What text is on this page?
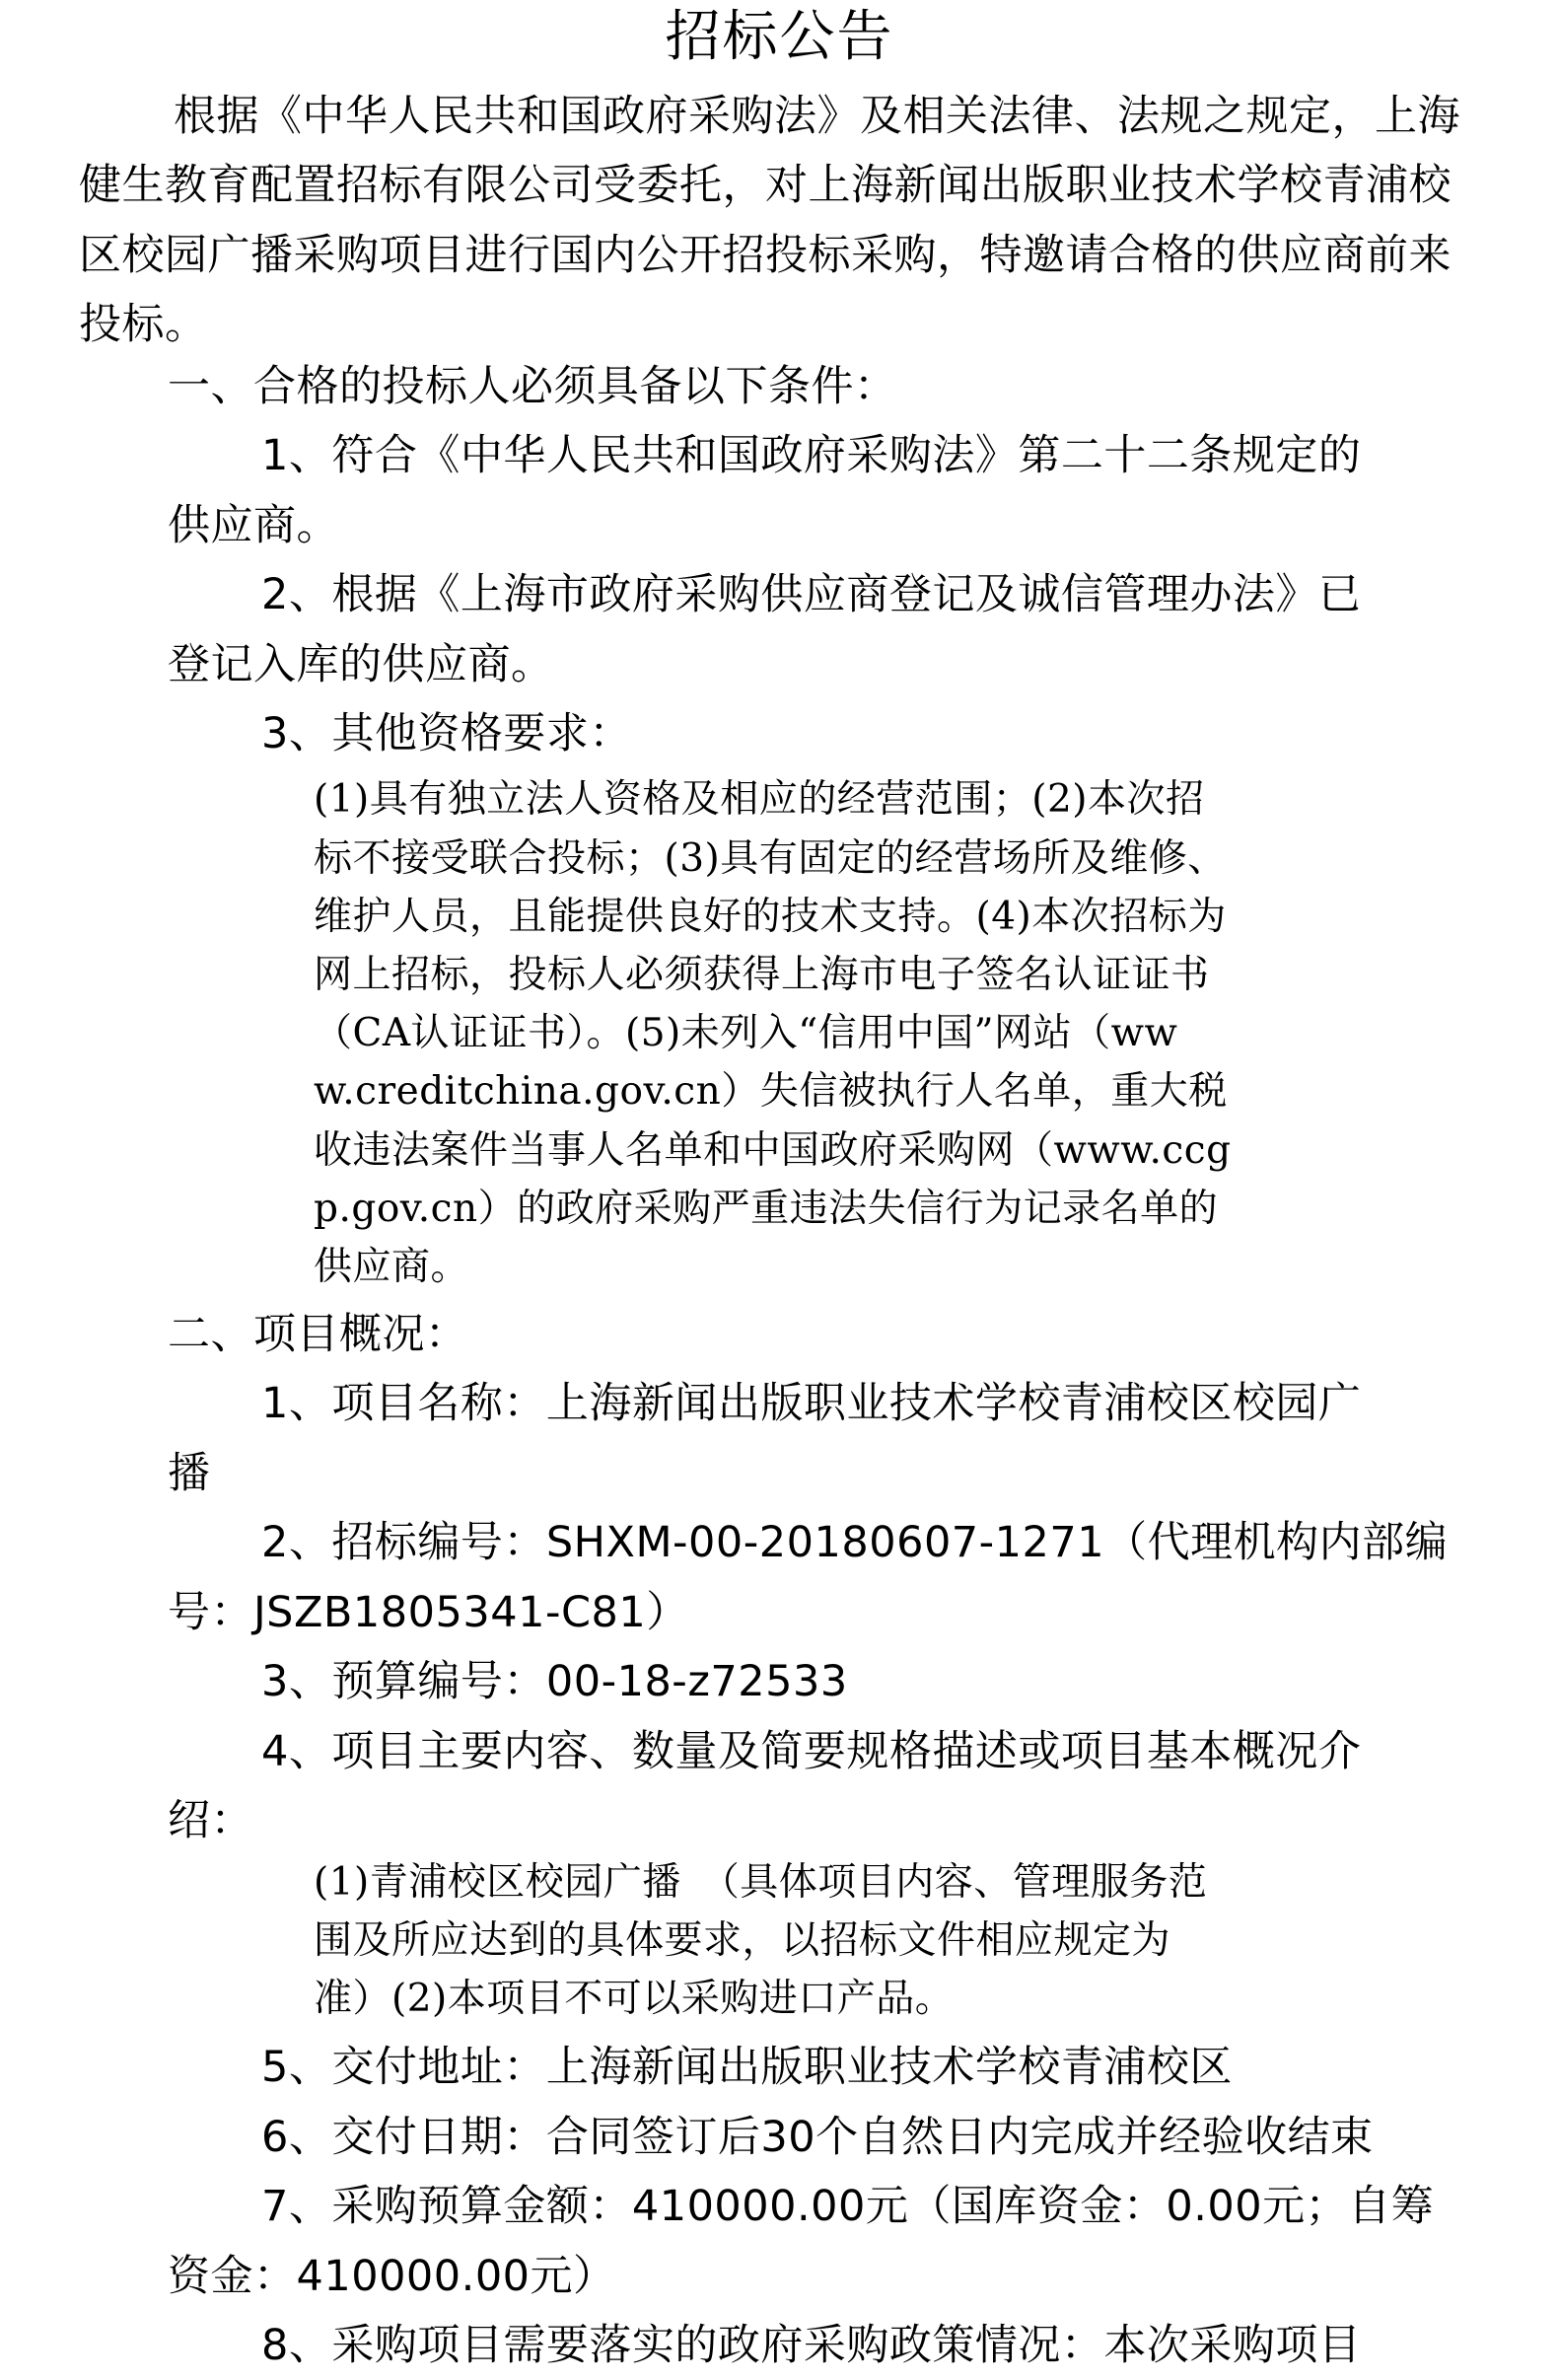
招标公告
根据《中华人民共和国政府采购法》及相关法律、法规之规定，上海
健生教育配置招标有限公司受委托，对上海新闻出版职业技术学校青浦校
区校园广播采购项目进行国内公开招投标采购，特邀请合格的供应商前来
投标。
一、合格的投标人必须具备以下条件：
1、符合《中华人民共和国政府采购法》第二十二条规定的
供应商。
2、根据《上海市政府采购供应商登记及诚信管理办法》已
登记入库的供应商。
3、其他资格要求：
(1)具有独立法人资格及相应的经营范围；(2)本次招
标不接受联合投标；(3)具有固定的经营场所及维修、
维护人员，且能提供良好的技术支持。(4)本次招标为
网上招标，投标人必须获得上海市电子签名认证证书
（CA认证证书）。(5)未列入“信用中国”网站（ww
w.creditchina.gov.cn）失信被执行人名单，重大税
收违法案件当事人名单和中国政府采购网（www.ccg
p.gov.cn）的政府采购严重违法失信行为记录名单的
供应商。
二、项目概况：
1、项目名称：上海新闻出版职业技术学校青浦校区校园广
播
2、招标编号：SHXM-00-20180607-1271（代理机构内部编
号：JSZB1805341-C81）
3、预算编号：00-18-z72533
4、项目主要内容、数量及简要规格描述或项目基本概况介
绍：
(1)青浦校区校园广播　（具体项目内容、管理服务范
围及所应达到的具体要求，以招标文件相应规定为
准）(2)本项目不可以采购进口产品。
5、交付地址：上海新闻出版职业技术学校青浦校区
6、交付日期：合同签订后30个自然日内完成并经验收结束
7、采购预算金额：410000.00元（国库资金：0.00元；自筹
资金：410000.00元）
8、采购项目需要落实的政府采购政策情况：本次采购项目
